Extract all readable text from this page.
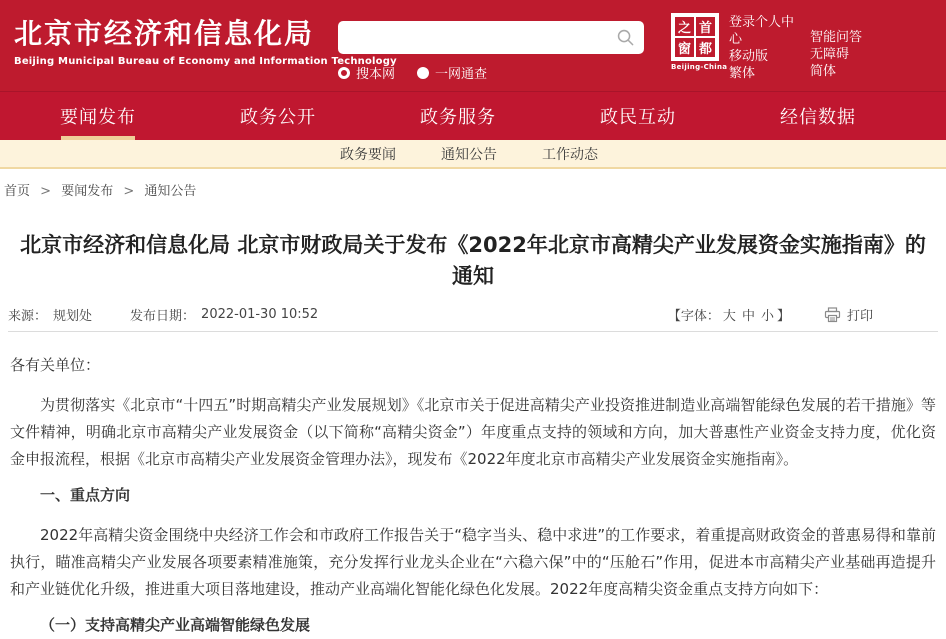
北京市经济和信息化局
Beijing Municipal Bureau of Economy and Information Technology
搜本网	一网通查
之 首
窗 都
Beijing-China
登录个人中心
移动版
繁体
智能问答
无障碍
简体
要闻发布	政务公开	政务服务	政民互动	经信数据
政务要闻	通知公告	工作动态
首页 > 要闻发布 > 通知公告
北京市经济和信息化局 北京市财政局关于发布《2022年北京市高精尖产业发展资金实施指南》的通知
来源： 规划处	发布日期： 2022-01-30 10:52	【字体： 大 中 小 】	打印

各有关单位：

为贯彻落实《北京市“十四五”时期高精尖产业发展规划》《北京市关于促进高精尖产业投资推进制造业高端智能绿色发展的若干措施》等文件精神，明确北京市高精尖产业发展资金（以下简称“高精尖资金”）年度重点支持的领域和方向，加大普惠性产业资金支持力度，优化资金申报流程，根据《北京市高精尖产业发展资金管理办法》，现发布《2022年度北京市高精尖产业发展资金实施指南》。

一、重点方向

2022年高精尖资金围绕中央经济工作会和市政府工作报告关于“稳字当头、稳中求进”的工作要求，着重提高财政资金的普惠易得和靠前执行，瞄准高精尖产业发展各项要素精准施策，充分发挥行业龙头企业在“六稳六保”中的“压舱石”作用，促进本市高精尖产业基础再造提升和产业链优化升级，推进重大项目落地建设，推动产业高端化智能化绿色化发展。2022年度高精尖资金重点支持方向如下：

（一）支持高精尖产业高端智能绿色发展
